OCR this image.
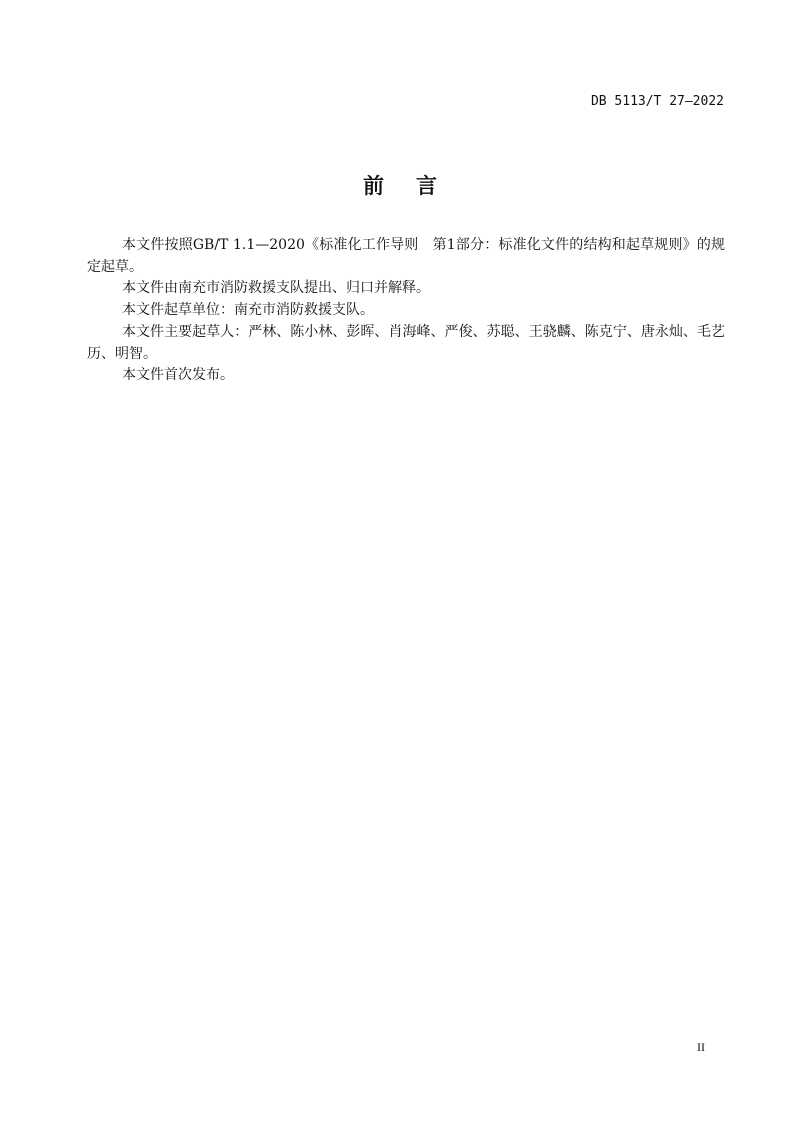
DB 5113/T 27—2022
前 言

本文件按照GB/T 1.1—2020《标准化工作导则　第1部分：标准化文件的结构和起草规则》的规定起草。

本文件由南充市消防救援支队提出、归口并解释。

本文件起草单位：南充市消防救援支队。

本文件主要起草人：严林、陈小林、彭晖、肖海峰、严俊、苏聪、王骁麟、陈克宁、唐永灿、毛艺历、明智。

本文件首次发布。

II
